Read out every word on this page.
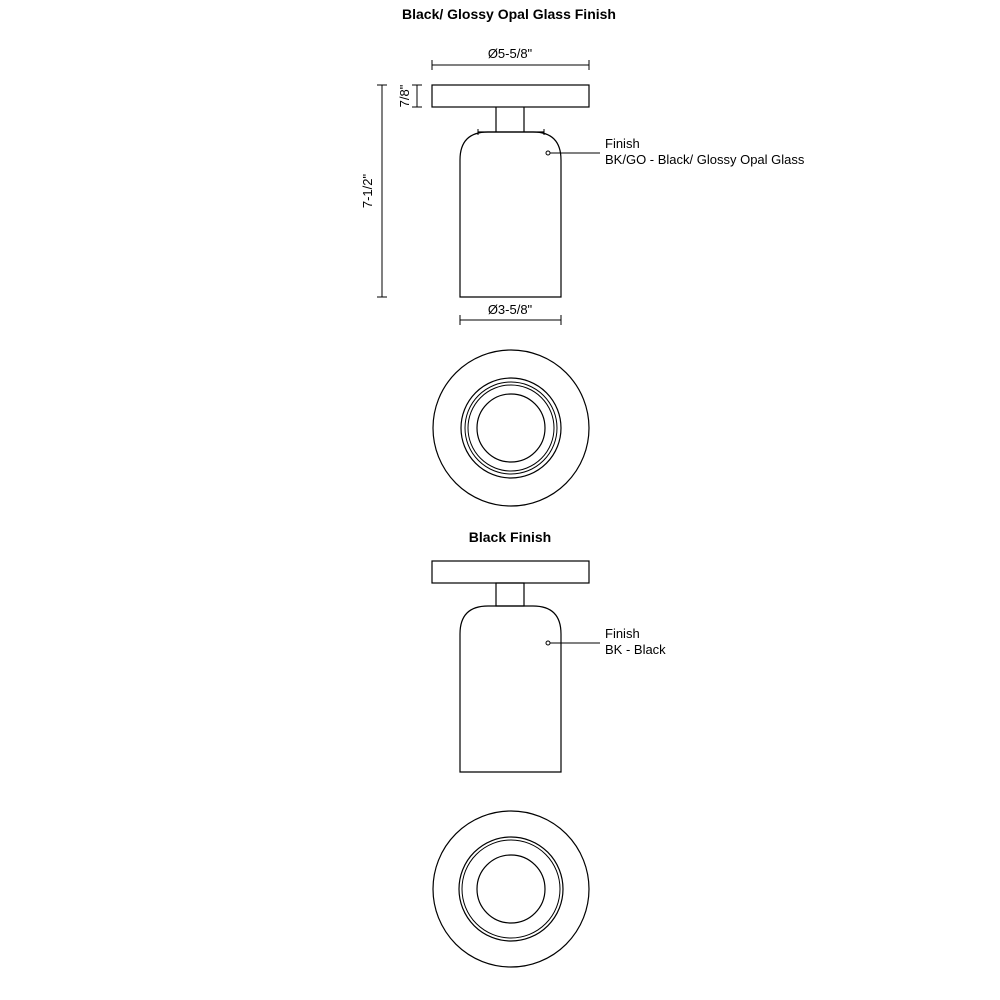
Black/ Glossy Opal Glass Finish
Ø5-5/8"
7/8"
7-1/2"
Ø3-5/8"
Finish
BK/GO - Black/ Glossy Opal Glass
Black Finish
Finish
BK - Black
